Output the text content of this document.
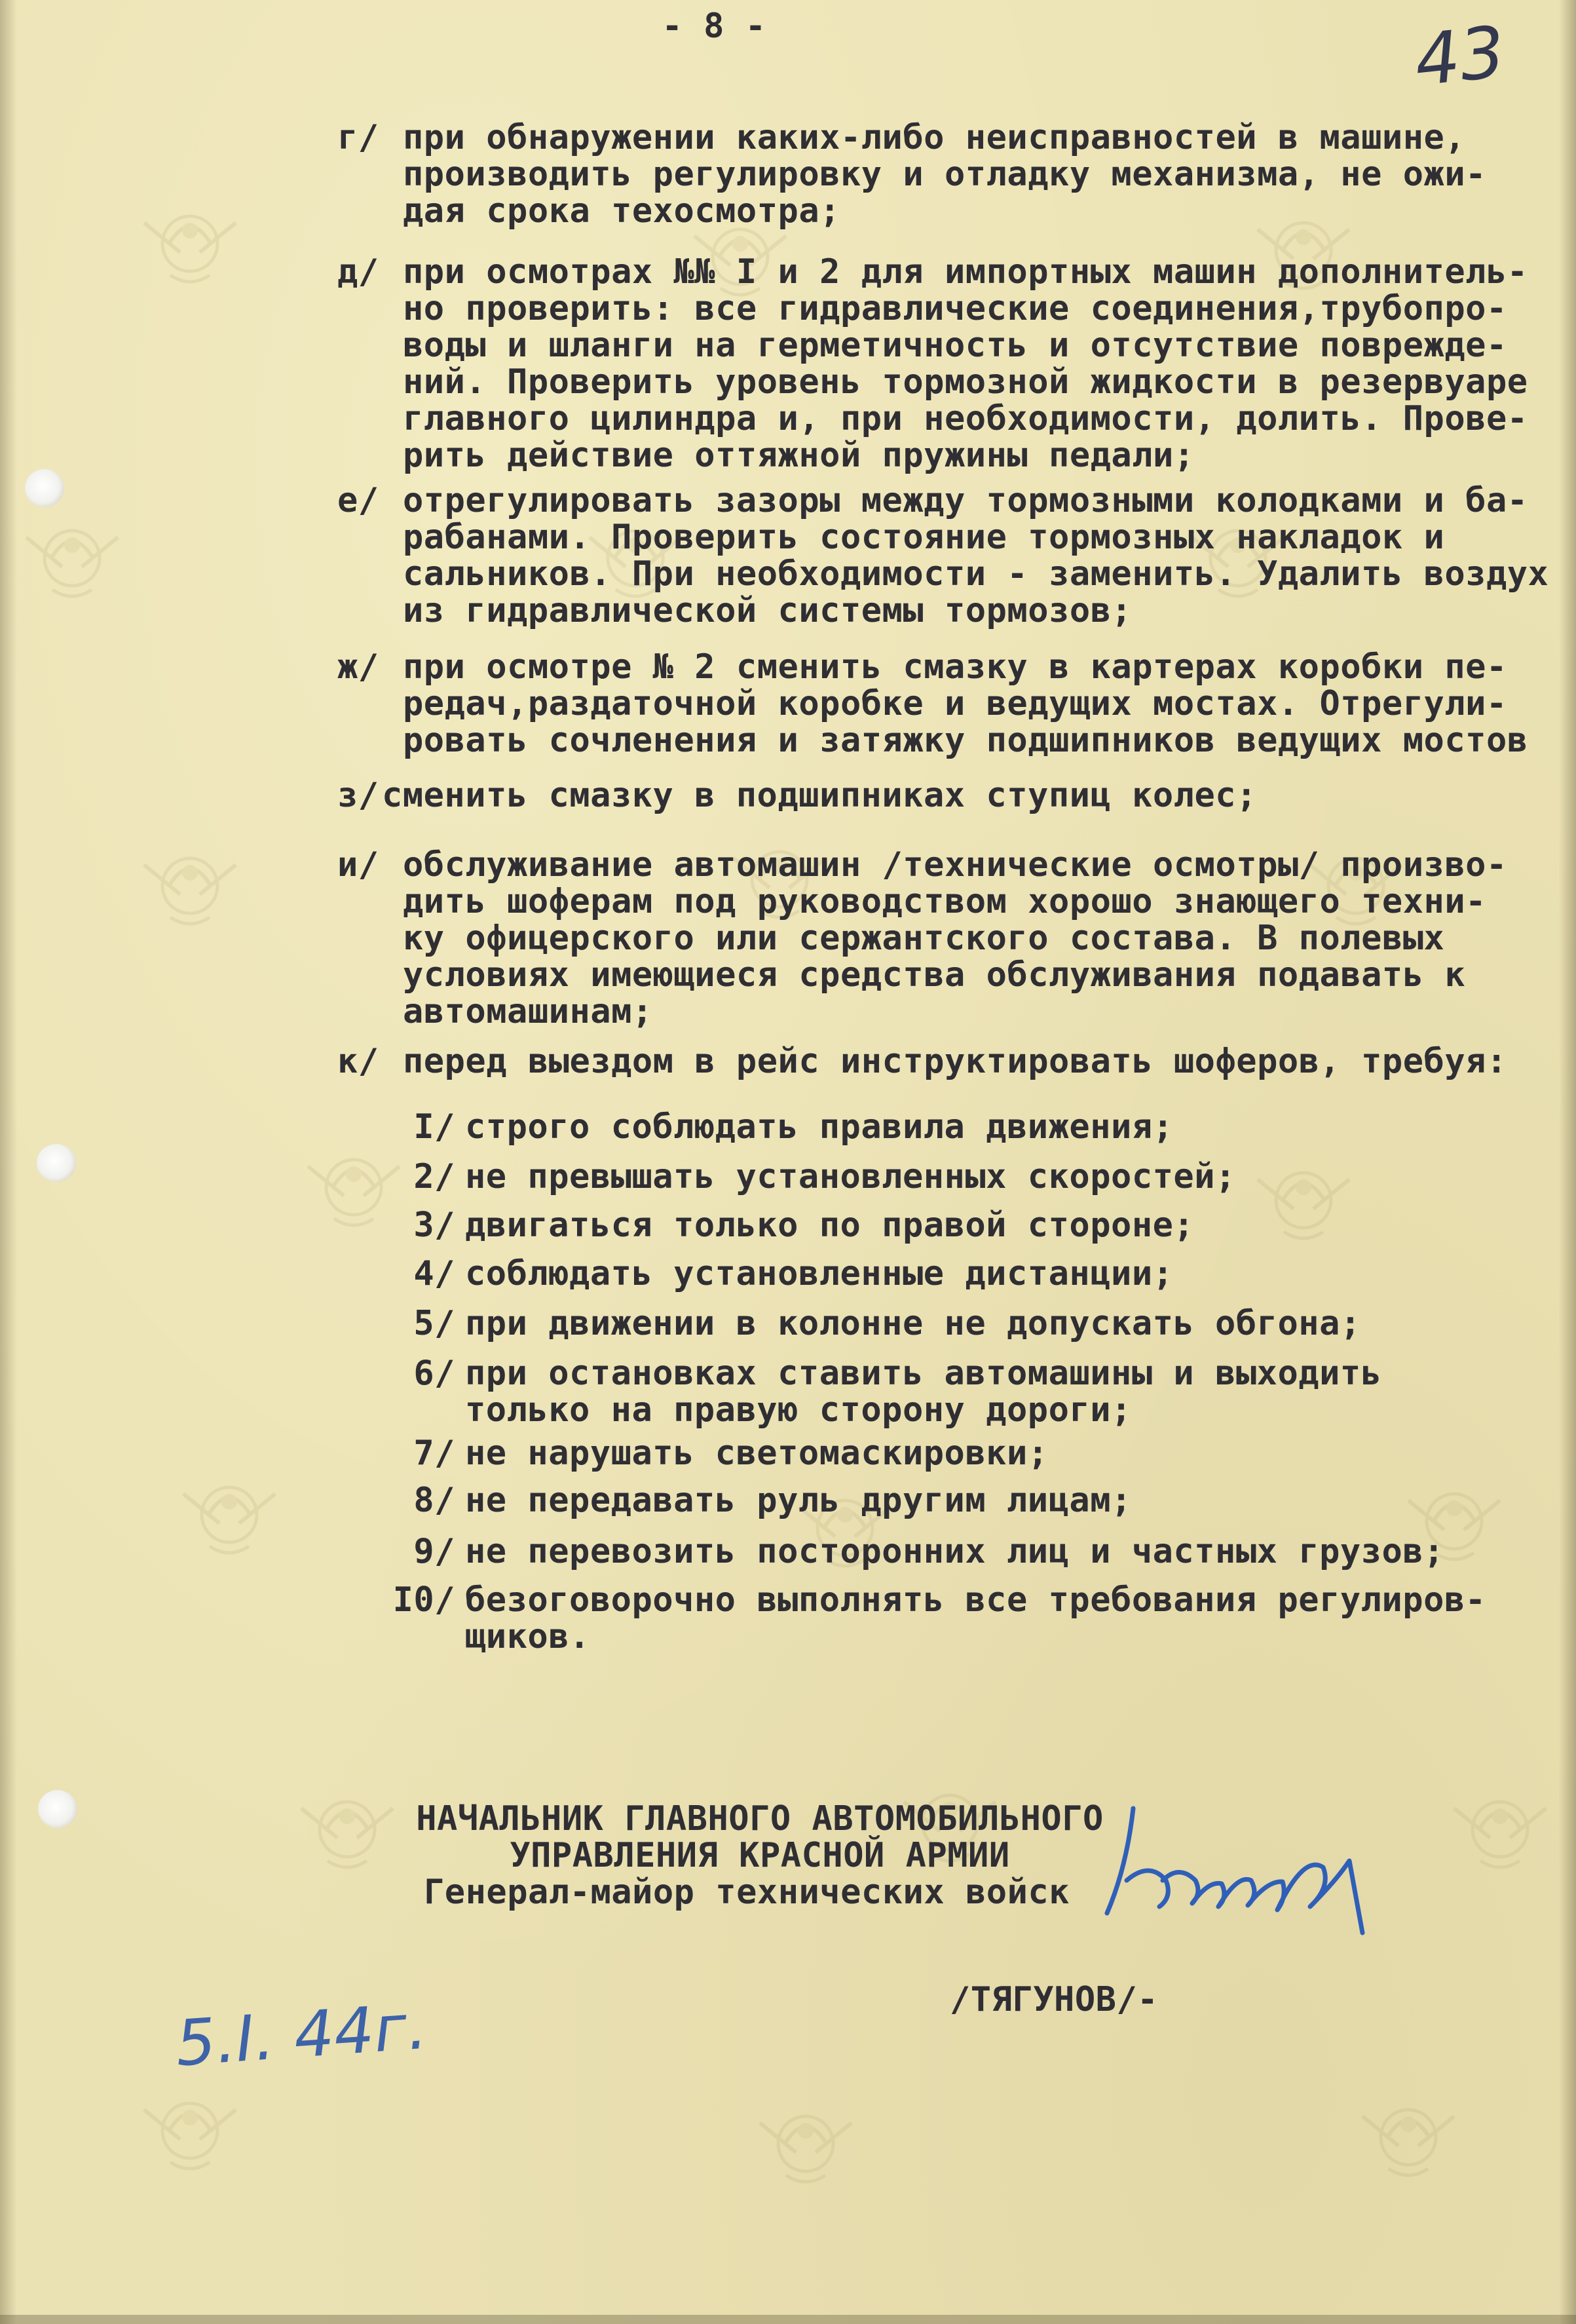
- 8 -	43
г/ при обнаружении каких-либо неисправностей в машине,
производить регулировку и отладку механизма, не ожи-
дая срока техосмотра;
д/ при осмотрах №№ I и 2 для импортных машин дополнитель-
но проверить: все гидравлические соединения,трубопро-
воды и шланги на герметичность и отсутствие поврежде-
ний. Проверить уровень тормозной жидкости в резервуаре
главного цилиндра и, при необходимости, долить. Прове-
рить действие оттяжной пружины педали;
е/ отрегулировать зазоры между тормозными колодками и ба-
рабанами. Проверить состояние тормозных накладок и
сальников. При необходимости - заменить. Удалить воздух
из гидравлической системы тормозов;
ж/ при осмотре № 2 сменить смазку в картерах коробки пе-
редач,раздаточной коробке и ведущих мостах. Отрегули-
ровать сочленения и затяжку подшипников ведущих мостов
з/ сменить смазку в подшипниках ступиц колес;
и/ обслуживание автомашин /технические осмотры/ произво-
дить шоферам под руководством хорошо знающего техни-
ку офицерского или сержантского состава. В полевых
условиях имеющиеся средства обслуживания подавать к
автомашинам;
к/ перед выездом в рейс инструктировать шоферов, требуя:
I/ строго соблюдать правила движения;
2/ не превышать установленных скоростей;
3/ двигаться только по правой стороне;
4/ соблюдать установленные дистанции;
5/ при движении в колонне не допускать обгона;
6/ при остановках ставить автомашины и выходить
только на правую сторону дороги;
7/ не нарушать светомаскировки;
8/ не передавать руль другим лицам;
9/ не перевозить посторонних лиц и частных грузов;
I0/ безоговорочно выполнять все требования регулиров-
щиков.
НАЧАЛЬНИК ГЛАВНОГО АВТОМОБИЛЬНОГО
УПРАВЛЕНИЯ КРАСНОЙ АРМИИ
Генерал-майор технических войск
/ТЯГУНОВ/-
5.I. 44г.
